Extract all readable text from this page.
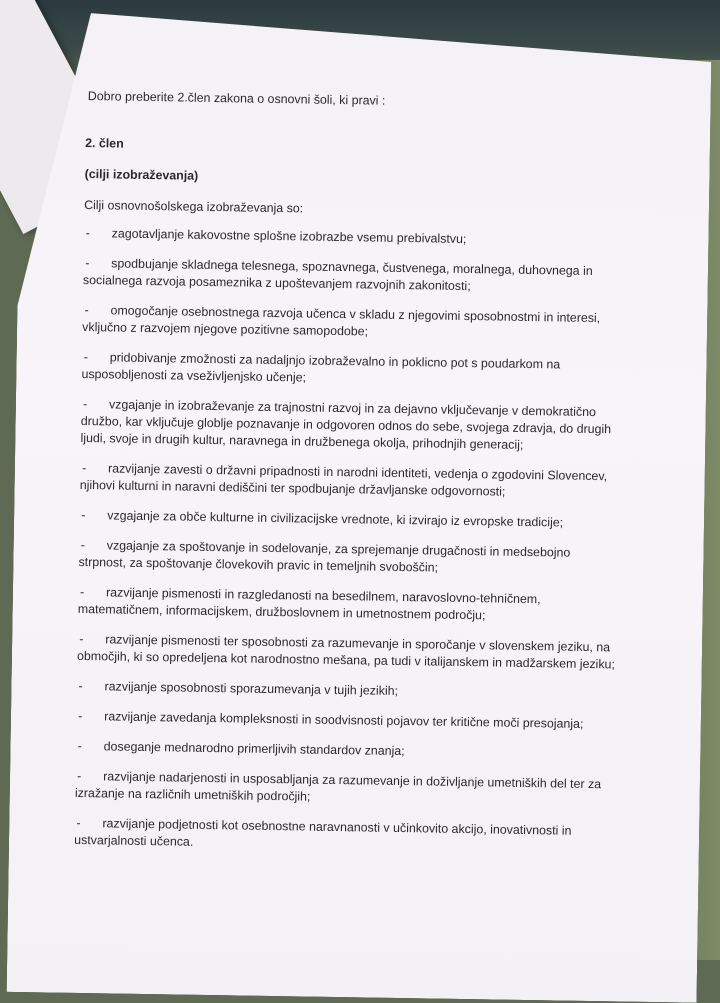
Dobro preberite 2.člen zakona o osnovni šoli, ki pravi :

2. člen

(cilji izobraževanja)

Cilji osnovnošolskega izobraževanja so:

- zagotavljanje kakovostne splošne izobrazbe vsemu prebivalstvu;

- spodbujanje skladnega telesnega, spoznavnega, čustvenega, moralnega, duhovnega in socialnega razvoja posameznika z upoštevanjem razvojnih zakonitosti;

- omogočanje osebnostnega razvoja učenca v skladu z njegovimi sposobnostmi in interesi, vključno z razvojem njegove pozitivne samopodobe;

- pridobivanje zmožnosti za nadaljnjo izobraževalno in poklicno pot s poudarkom na usposobljenosti za vseživljenjsko učenje;

- vzgajanje in izobraževanje za trajnostni razvoj in za dejavno vključevanje v demokratično družbo, kar vključuje globlje poznavanje in odgovoren odnos do sebe, svojega zdravja, do drugih ljudi, svoje in drugih kultur, naravnega in družbenega okolja, prihodnjih generacij;

- razvijanje zavesti o državni pripadnosti in narodni identiteti, vedenja o zgodovini Slovencev, njihovi kulturni in naravni dediščini ter spodbujanje državljanske odgovornosti;

- vzgajanje za obče kulturne in civilizacijske vrednote, ki izvirajo iz evropske tradicije;

- vzgajanje za spoštovanje in sodelovanje, za sprejemanje drugačnosti in medsebojno strpnost, za spoštovanje človekovih pravic in temeljnih svoboščin;

- razvijanje pismenosti in razgledanosti na besedilnem, naravoslovno-tehničnem, matematičnem, informacijskem, družboslovnem in umetnostnem področju;

- razvijanje pismenosti ter sposobnosti za razumevanje in sporočanje v slovenskem jeziku, na območjih, ki so opredeljena kot narodnostno mešana, pa tudi v italijanskem in madžarskem jeziku;

- razvijanje sposobnosti sporazumevanja v tujih jezikih;

- razvijanje zavedanja kompleksnosti in soodvisnosti pojavov ter kritične moči presojanja;

- doseganje mednarodno primerljivih standardov znanja;

- razvijanje nadarjenosti in usposabljanja za razumevanje in doživljanje umetniških del ter za izražanje na različnih umetniških področjih;

- razvijanje podjetnosti kot osebnostne naravnanosti v učinkovito akcijo, inovativnosti in ustvarjalnosti učenca.
